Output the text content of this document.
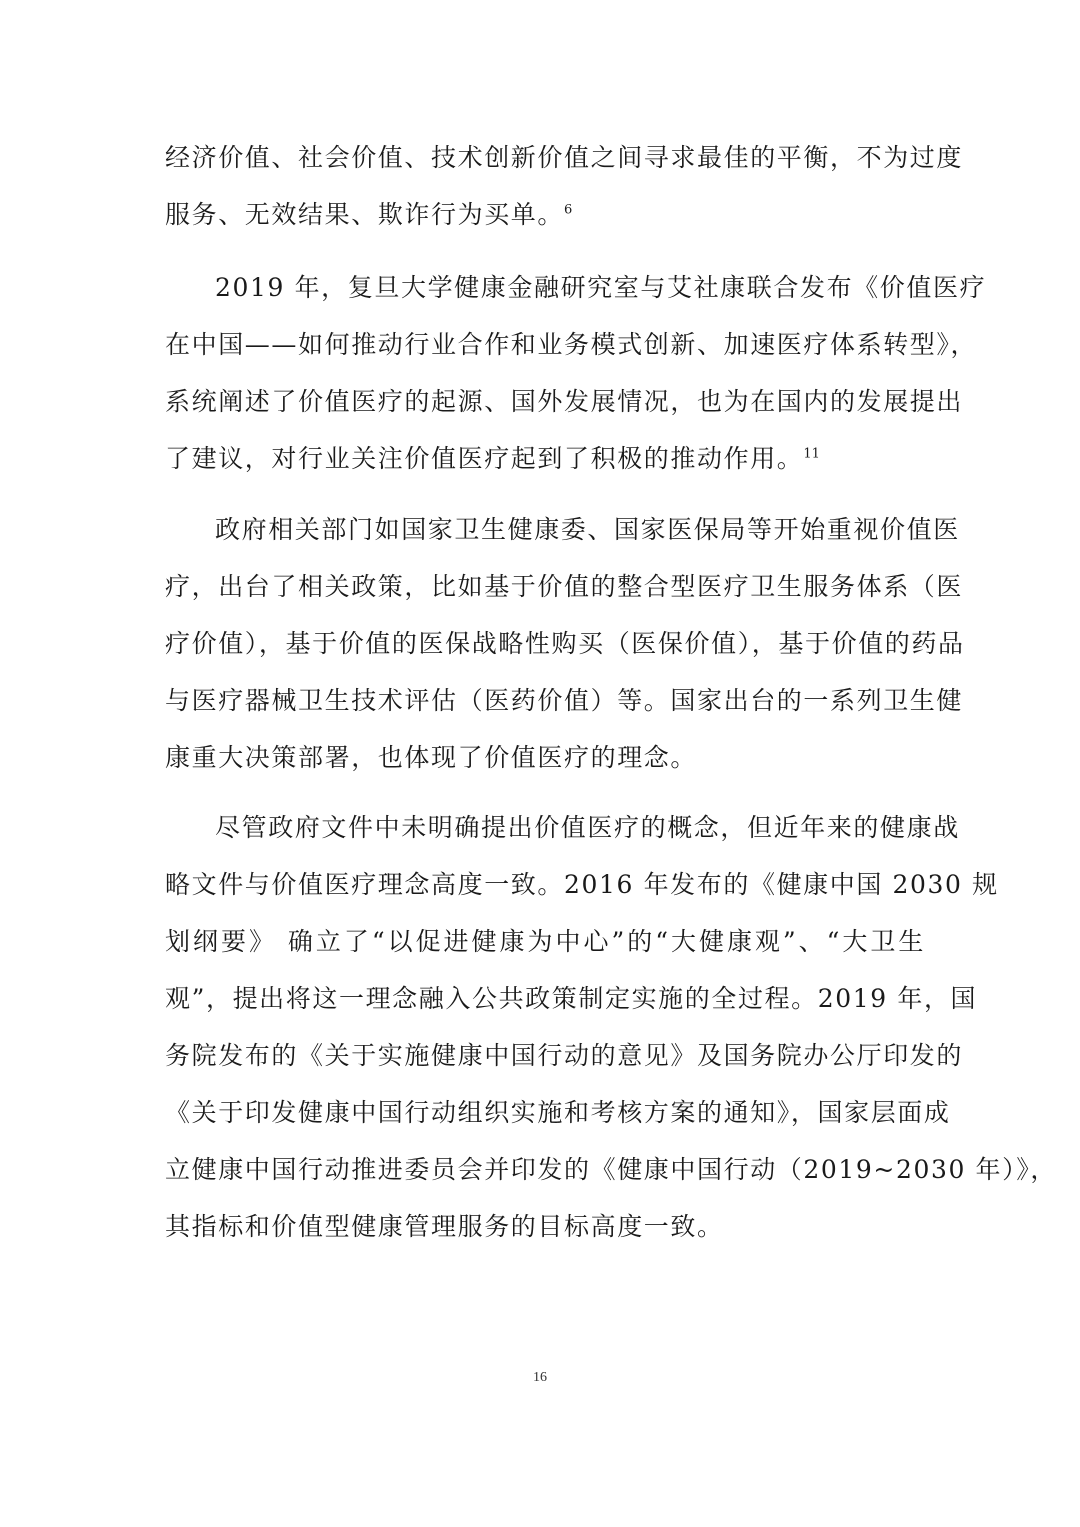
经济价值、社会价值、技术创新价值之间寻求最佳的平衡，不为过度
服务、无效结果、欺诈行为买单。$^6$
2019 年，复旦大学健康金融研究室与艾社康联合发布《价值医疗
在中国——如何推动行业合作和业务模式创新、加速医疗体系转型》，
系统阐述了价值医疗的起源、国外发展情况，也为在国内的发展提出
了建议，对行业关注价值医疗起到了积极的推动作用。$^{11}$
政府相关部门如国家卫生健康委、国家医保局等开始重视价值医
疗，出台了相关政策，比如基于价值的整合型医疗卫生服务体系（医
疗价值），基于价值的医保战略性购买（医保价值），基于价值的药品
与医疗器械卫生技术评估（医药价值）等。国家出台的一系列卫生健
康重大决策部署，也体现了价值医疗的理念。
尽管政府文件中未明确提出价值医疗的概念，但近年来的健康战
略文件与价值医疗理念高度一致。2016 年发布的《健康中国 2030 规
划纲要》 确立了“以促进健康为中心”的“大健康观”、“大卫生
观”，提出将这一理念融入公共政策制定实施的全过程。2019 年，国
务院发布的《关于实施健康中国行动的意见》及国务院办公厅印发的
《关于印发健康中国行动组织实施和考核方案的通知》，国家层面成
立健康中国行动推进委员会并印发的《健康中国行动（2019~2030 年）》，
其指标和价值型健康管理服务的目标高度一致。
16
